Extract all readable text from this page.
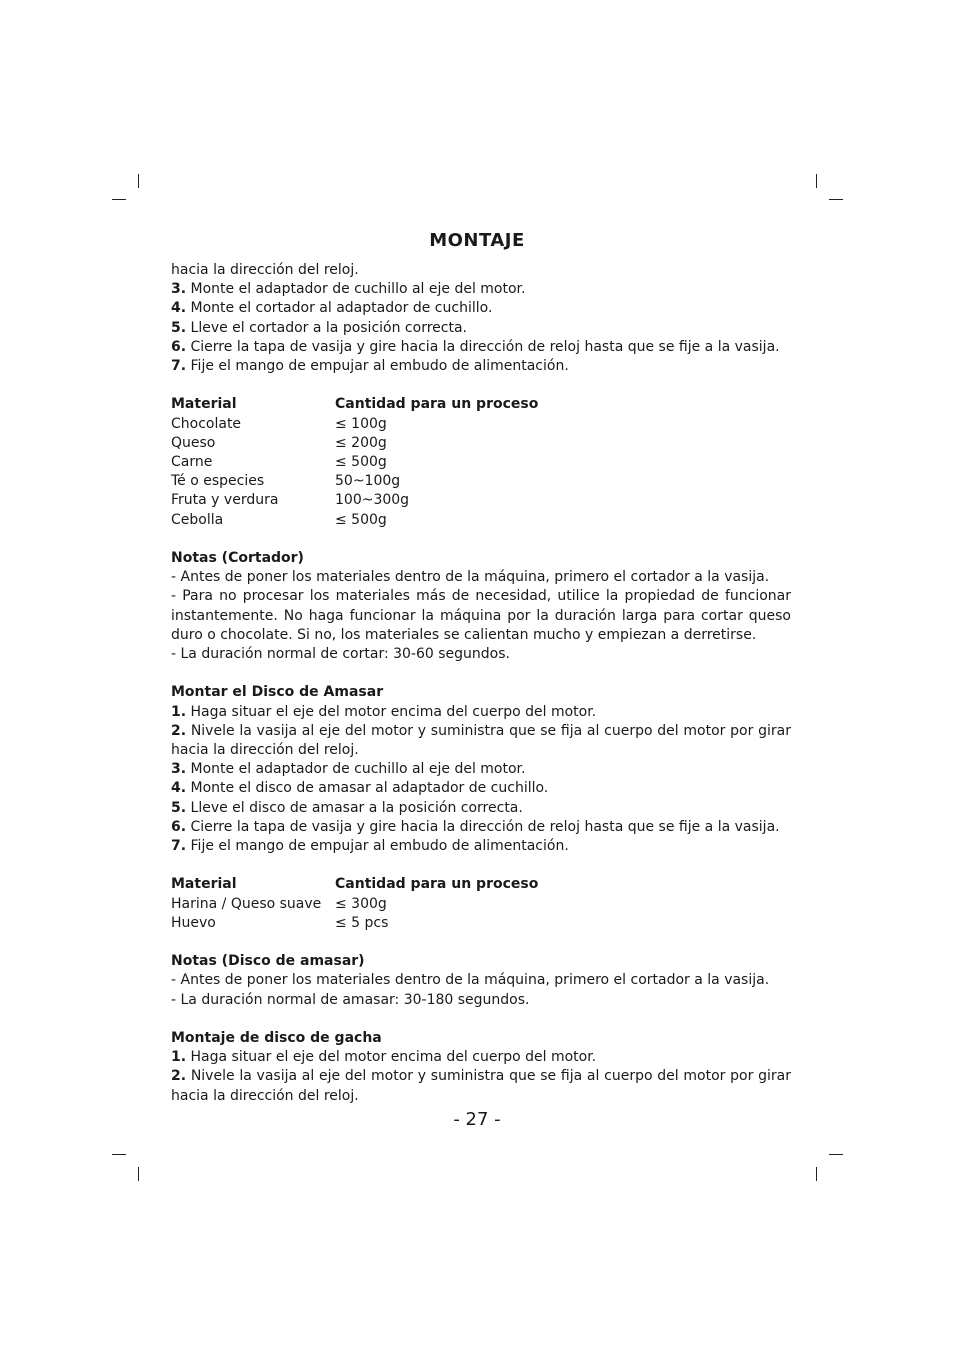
MONTAJE
hacia la dirección del reloj.
3. Monte el adaptador de cuchillo al eje del motor.
4. Monte el cortador al adaptador de cuchillo.
5. Lleve el cortador a la posición correcta.
6. Cierre la tapa de vasija y gire hacia la dirección de reloj hasta que se fije a la vasija.
7. Fije el mango de empujar al embudo de alimentación.
Material	Cantidad para un proceso
Chocolate	≤ 100g
Queso	≤ 200g
Carne	≤ 500g
Té o especies	50~100g
Fruta y verdura	100~300g
Cebolla	≤ 500g
Notas (Cortador)
- Antes de poner los materiales dentro de la máquina, primero el cortador a la vasija.
- Para no procesar los materiales más de necesidad, utilice la propiedad de funcionar instantemente. No haga funcionar la máquina por la duración larga para cortar queso duro o chocolate. Si no, los materiales se calientan mucho y empiezan a derretirse.
- La duración normal de cortar: 30-60 segundos.
Montar el Disco de Amasar
1. Haga situar el eje del motor encima del cuerpo del motor.
2. Nivele la vasija al eje del motor y suministra que se fija al cuerpo del motor por girar hacia la dirección del reloj.
3. Monte el adaptador de cuchillo al eje del motor.
4. Monte el disco de amasar al adaptador de cuchillo.
5. Lleve el disco de amasar a la posición correcta.
6. Cierre la tapa de vasija y gire hacia la dirección de reloj hasta que se fije a la vasija.
7. Fije el mango de empujar al embudo de alimentación.
Material	Cantidad para un proceso
Harina / Queso suave ≤ 300g
Huevo	≤ 5 pcs
Notas (Disco de amasar)
- Antes de poner los materiales dentro de la máquina, primero el cortador a la vasija.
- La duración normal de amasar: 30-180 segundos.
Montaje de disco de gacha
1. Haga situar el eje del motor encima del cuerpo del motor.
2. Nivele la vasija al eje del motor y suministra que se fija al cuerpo del motor por girar hacia la dirección del reloj.
- 27 -
